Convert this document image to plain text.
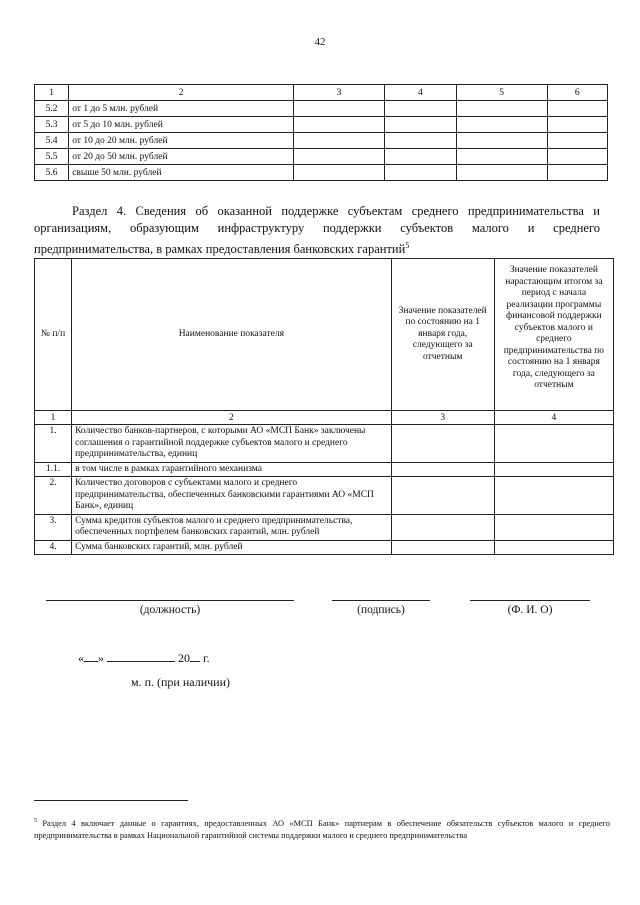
42
1	2	3	4	5	6
5.2	от 1 до 5 млн. рублей				
5.3	от 5 до 10 млн. рублей				
5.4	от 10 до 20 млн. рублей				
5.5	от 20 до 50 млн. рублей				
5.6	свыше 50 млн. рублей				
Раздел 4. Сведения об оказанной поддержке субъектам среднего предпринимательства и организациям, образующим инфраструктуру поддержки субъектов малого и среднего предпринимательства, в рамках предоставления банковских гарантий$^5$
№ п/п	Наименование показателя	Значение показателей по состоянию на 1 января года, следующего за отчетным	Значение показателей нарастающим итогом за период с начала реализации программы финансовой поддержки субъектов малого и среднего предпринимательства по состоянию на 1 января года, следующего за отчетным
1	2	3	4
1.	Количество банков-партнеров, с которыми АО «МСП Банк» заключены соглашения о гарантийной поддержке субъектов малого и среднего предпринимательства, единиц		
1.1.	в том числе в рамках гарантийного механизма		
2.	Количество договоров с субъектами малого и среднего предпринимательства, обеспеченных банковскими гарантиями АО «МСП Банк», единиц		
3.	Сумма кредитов субъектов малого и среднего предпринимательства, обеспеченных портфелем банковских гарантий, млн. рублей		
4.	Сумма банковских гарантий, млн. рублей		
(должность)	(подпись)	(Ф. И. О)
« »	20 г.
м. п. (при наличии)
$^5$ Раздел 4 включает данные о гарантиях, предоставленных АО «МСП Банк» партнерам в обеспечение обязательств субъектов малого и среднего предпринимательства в рамках Национальной гарантийной системы поддержки малого и среднего предпринимательства
